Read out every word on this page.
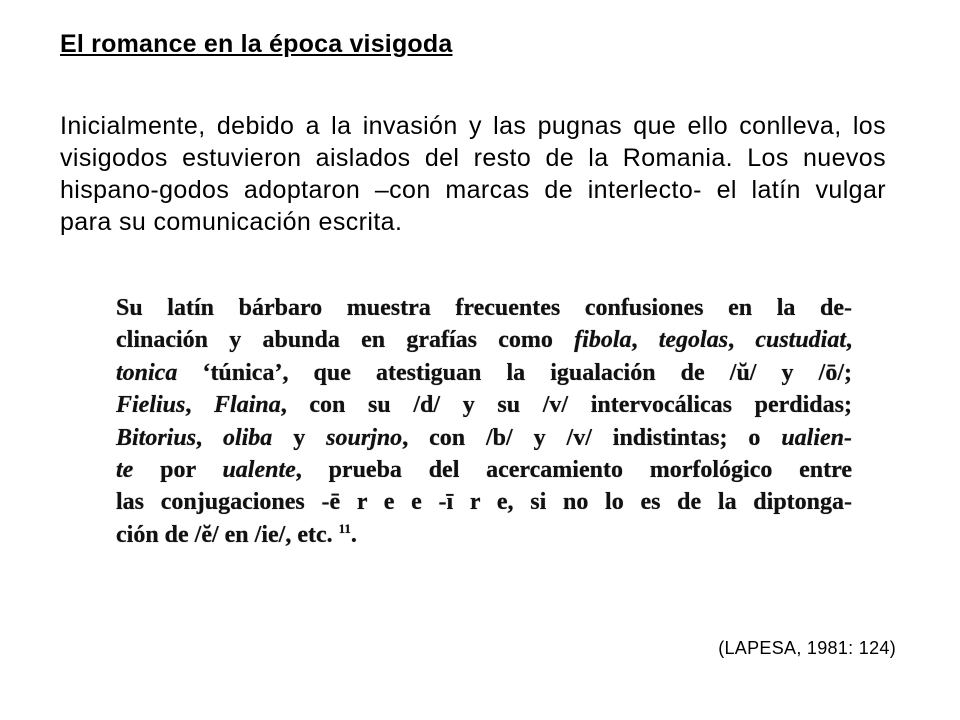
El romance en la época visigoda

Inicialmente, debido a la invasión y las pugnas que ello conlleva, los visigodos estuvieron aislados del resto de la Romania. Los nuevos hispano-godos adoptaron –con marcas de interlecto- el latín vulgar para su comunicación escrita.

Su latín bárbaro muestra frecuentes confusiones en la de-
clinación y abunda en grafías como fibola, tegolas, custudiat,
tonica ‘túnica’, que atestiguan la igualación de /ŭ/ y /ō/;
Fielius, Flaina, con su /d/ y su /v/ intervocálicas perdidas;
Bitorius, oliba y sourjno, con /b/ y /v/ indistintas; o ualien-
te por ualente, prueba del acercamiento morfológico entre
las conjugaciones -ē r e e -ī r e, si no lo es de la diptonga-
ción de /ĕ/ en /ie/, etc. $^{11}$.

(LAPESA, 1981: 124)
